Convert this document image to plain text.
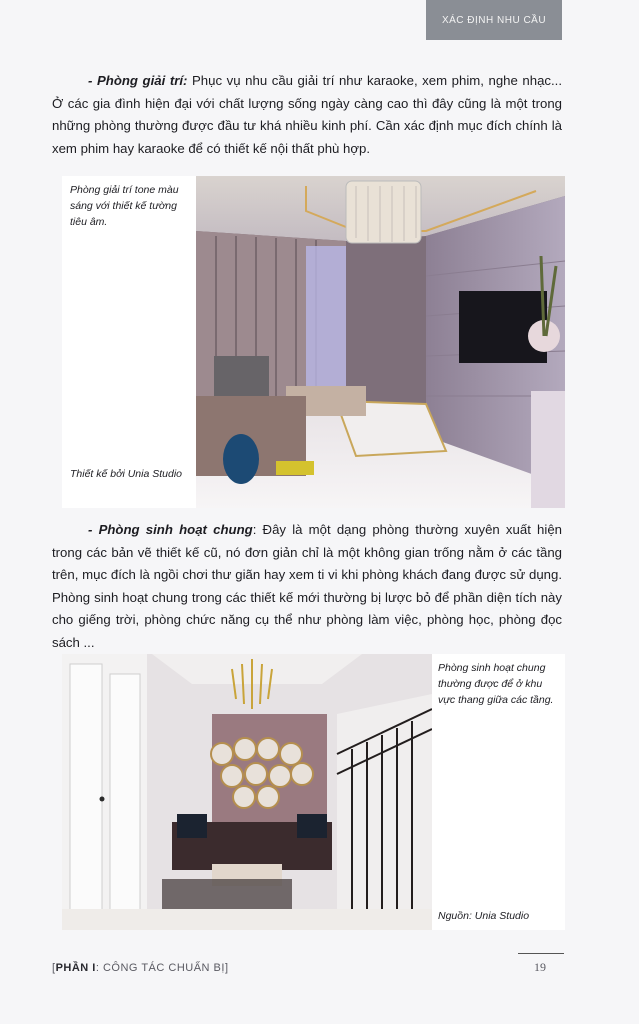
XÁC ĐỊNH NHU CẦU

- Phòng giải trí: Phục vụ nhu cầu giải trí như karaoke, xem phim, nghe nhạc... Ở các gia đình hiện đại với chất lượng sống ngày càng cao thì đây cũng là một trong những phòng thường được đầu tư khá nhiều kinh phí. Cần xác định mục đích chính là xem phim hay karaoke để có thiết kế nội thất phù hợp.

Phòng giải trí tone màu sáng với thiết kế tường tiêu âm.

Thiết kế bởi Unia Studio

- Phòng sinh hoạt chung: Đây là một dạng phòng thường xuyên xuất hiện trong các bản vẽ thiết kế cũ, nó đơn giản chỉ là một không gian trống nằm ở các tầng trên, mục đích là ngồi chơi thư giãn hay xem ti vi khi phòng khách đang được sử dụng. Phòng sinh hoạt chung trong các thiết kế mới thường bị lược bỏ để phần diện tích này cho giếng trời, phòng chức năng cụ thể như phòng làm việc, phòng học, phòng đọc sách ...

Phòng sinh hoạt chung thường được để ở khu vực thang giữa các tầng.

Nguồn: Unia Studio

[PHẦN I: CÔNG TÁC CHUẨN BỊ]	19
